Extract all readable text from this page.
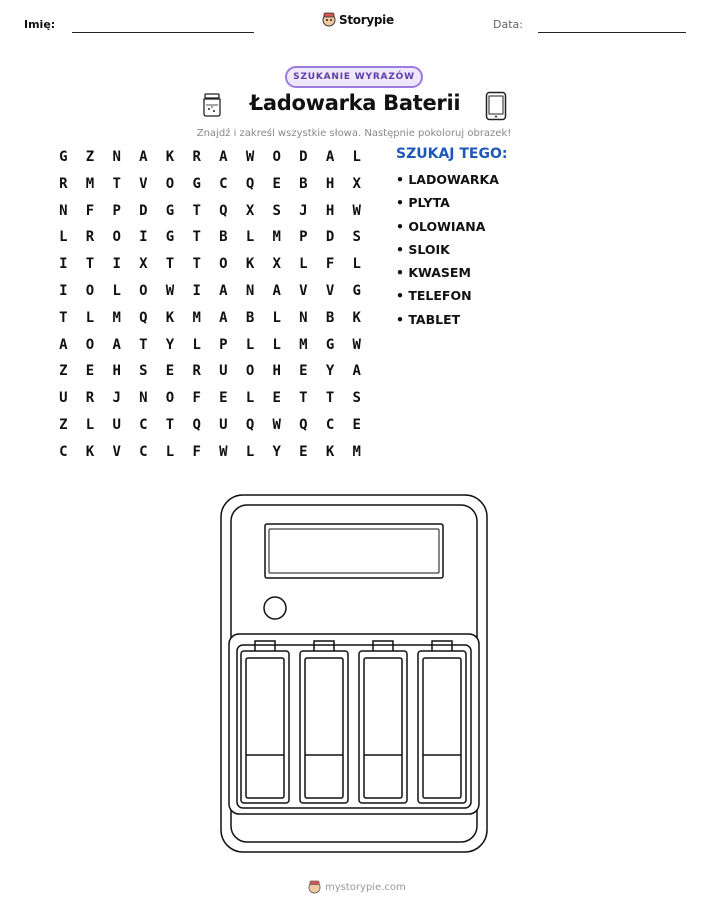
Imię:	Storypie	Data:
SZUKANIE WYRAZÓW
Ładowarka Baterii
Znajdź i zakreśl wszystkie słowa. Następnie pokoloruj obrazek!
G	Z	N	A	K	R	A	W	O	D	A	L
R	M	T	V	O	G	C	Q	E	B	H	X
N	F	P	D	G	T	Q	X	S	J	H	W
L	R	O	I	G	T	B	L	M	P	D	S
I	T	I	X	T	T	O	K	X	L	F	L
I	O	L	O	W	I	A	N	A	V	V	G
T	L	M	Q	K	M	A	B	L	N	B	K
A	O	A	T	Y	L	P	L	L	M	G	W
Z	E	H	S	E	R	U	O	H	E	Y	A
U	R	J	N	O	F	E	L	E	T	T	S
Z	L	U	C	T	Q	U	Q	W	Q	C	E
C	K	V	C	L	F	W	L	Y	E	K	M
SZUKAJ TEGO:
• LADOWARKA
• PLYTA
• OLOWIANA
• SLOIK
• KWASEM
• TELEFON
• TABLET
mystorypie.com
